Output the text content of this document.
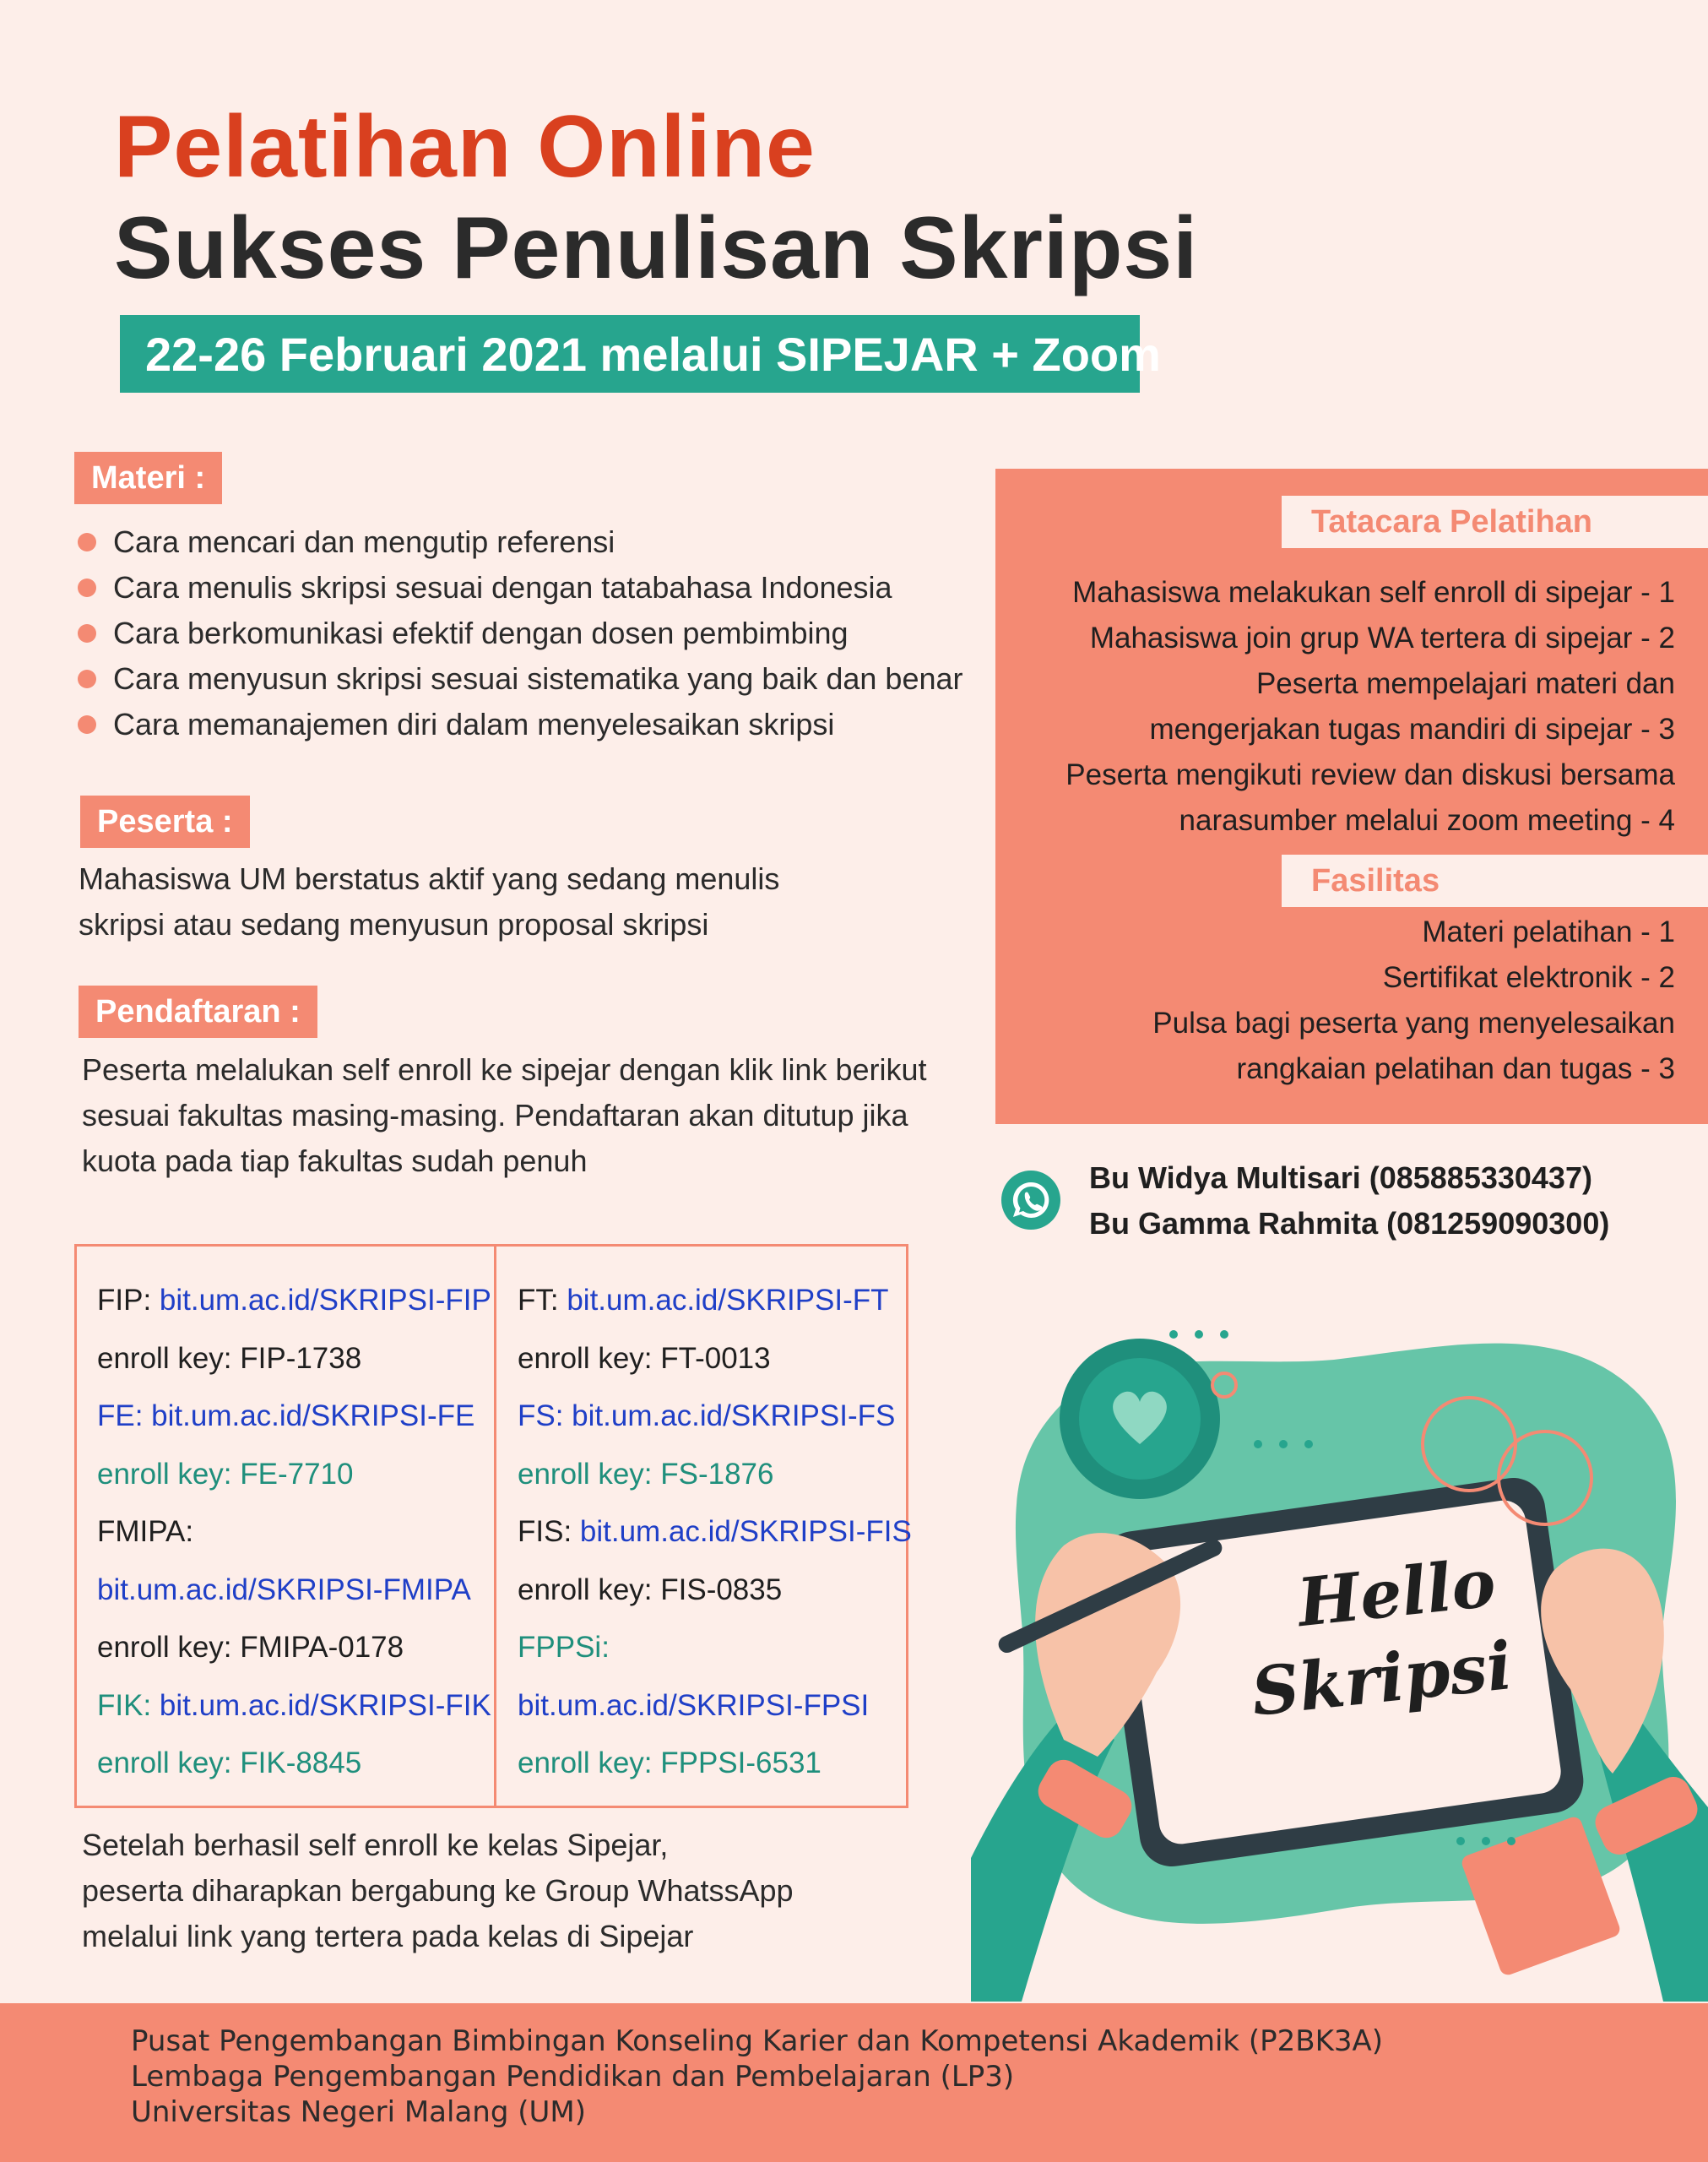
Pelatihan Online
Sukses Penulisan Skripsi
22-26 Februari 2021 melalui SIPEJAR + Zoom
Materi :
Cara mencari dan mengutip referensi
Cara menulis skripsi sesuai dengan tatabahasa Indonesia
Cara berkomunikasi efektif dengan dosen pembimbing
Cara menyusun skripsi sesuai sistematika yang baik dan benar
Cara memanajemen diri dalam menyelesaikan skripsi
Peserta :
Mahasiswa UM berstatus aktif yang sedang menulis
skripsi atau sedang menyusun proposal skripsi
Pendaftaran :
Peserta melalukan self enroll ke sipejar dengan klik link berikut
sesuai fakultas masing-masing. Pendaftaran akan ditutup jika
kuota pada tiap fakultas sudah penuh
Tatacara Pelatihan
Mahasiswa melakukan self enroll di sipejar - 1
Mahasiswa join grup WA tertera di sipejar - 2
Peserta mempelajari materi dan
mengerjakan tugas mandiri di sipejar - 3
Peserta mengikuti review dan diskusi bersama
narasumber melalui zoom meeting - 4
Fasilitas
Materi pelatihan - 1
Sertifikat elektronik - 2
Pulsa bagi peserta yang menyelesaikan
rangkaian pelatihan dan tugas - 3
Bu Widya Multisari (085885330437)
Bu Gamma Rahmita (081259090300)
FIP: bit.um.ac.id/SKRIPSI-FIP
enroll key: FIP-1738
FE: bit.um.ac.id/SKRIPSI-FE
enroll key: FE-7710
FMIPA:
bit.um.ac.id/SKRIPSI-FMIPA
enroll key: FMIPA-0178
FIK: bit.um.ac.id/SKRIPSI-FIK
enroll key: FIK-8845
FT: bit.um.ac.id/SKRIPSI-FT
enroll key: FT-0013
FS: bit.um.ac.id/SKRIPSI-FS
enroll key: FS-1876
FIS: bit.um.ac.id/SKRIPSI-FIS
enroll key: FIS-0835
FPPSi:
bit.um.ac.id/SKRIPSI-FPSI
enroll key: FPPSI-6531
Setelah berhasil self enroll ke kelas Sipejar,
peserta diharapkan bergabung ke Group WhatssApp
melalui link yang tertera pada kelas di Sipejar
Hello
Skripsi
Pusat Pengembangan Bimbingan Konseling Karier dan Kompetensi Akademik (P2BK3A)
Lembaga Pengembangan Pendidikan dan Pembelajaran (LP3)
Universitas Negeri Malang (UM)
